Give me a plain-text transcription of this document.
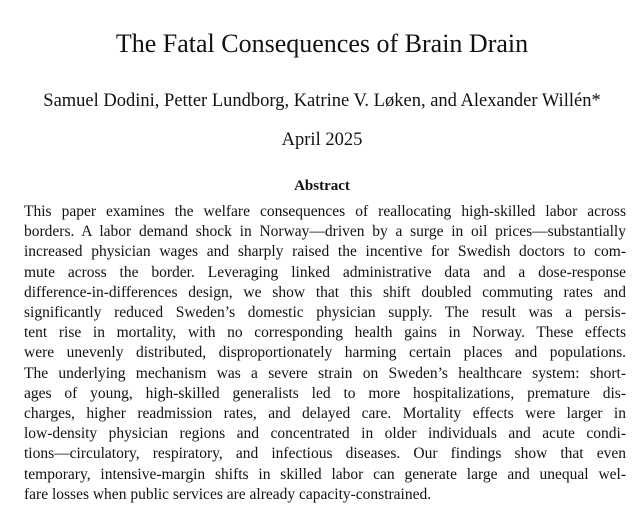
The Fatal Consequences of Brain Drain
Samuel Dodini, Petter Lundborg, Katrine V. Løken, and Alexander Willén*
April 2025
Abstract
This paper examines the welfare consequences of reallocating high-skilled labor across
borders. A labor demand shock in Norway—driven by a surge in oil prices—substantially
increased physician wages and sharply raised the incentive for Swedish doctors to com-
mute across the border. Leveraging linked administrative data and a dose-response
difference-in-differences design, we show that this shift doubled commuting rates and
significantly reduced Sweden’s domestic physician supply. The result was a persis-
tent rise in mortality, with no corresponding health gains in Norway. These effects
were unevenly distributed, disproportionately harming certain places and populations.
The underlying mechanism was a severe strain on Sweden’s healthcare system: short-
ages of young, high-skilled generalists led to more hospitalizations, premature dis-
charges, higher readmission rates, and delayed care. Mortality effects were larger in
low-density physician regions and concentrated in older individuals and acute condi-
tions—circulatory, respiratory, and infectious diseases. Our findings show that even
temporary, intensive-margin shifts in skilled labor can generate large and unequal wel-
fare losses when public services are already capacity-constrained.
